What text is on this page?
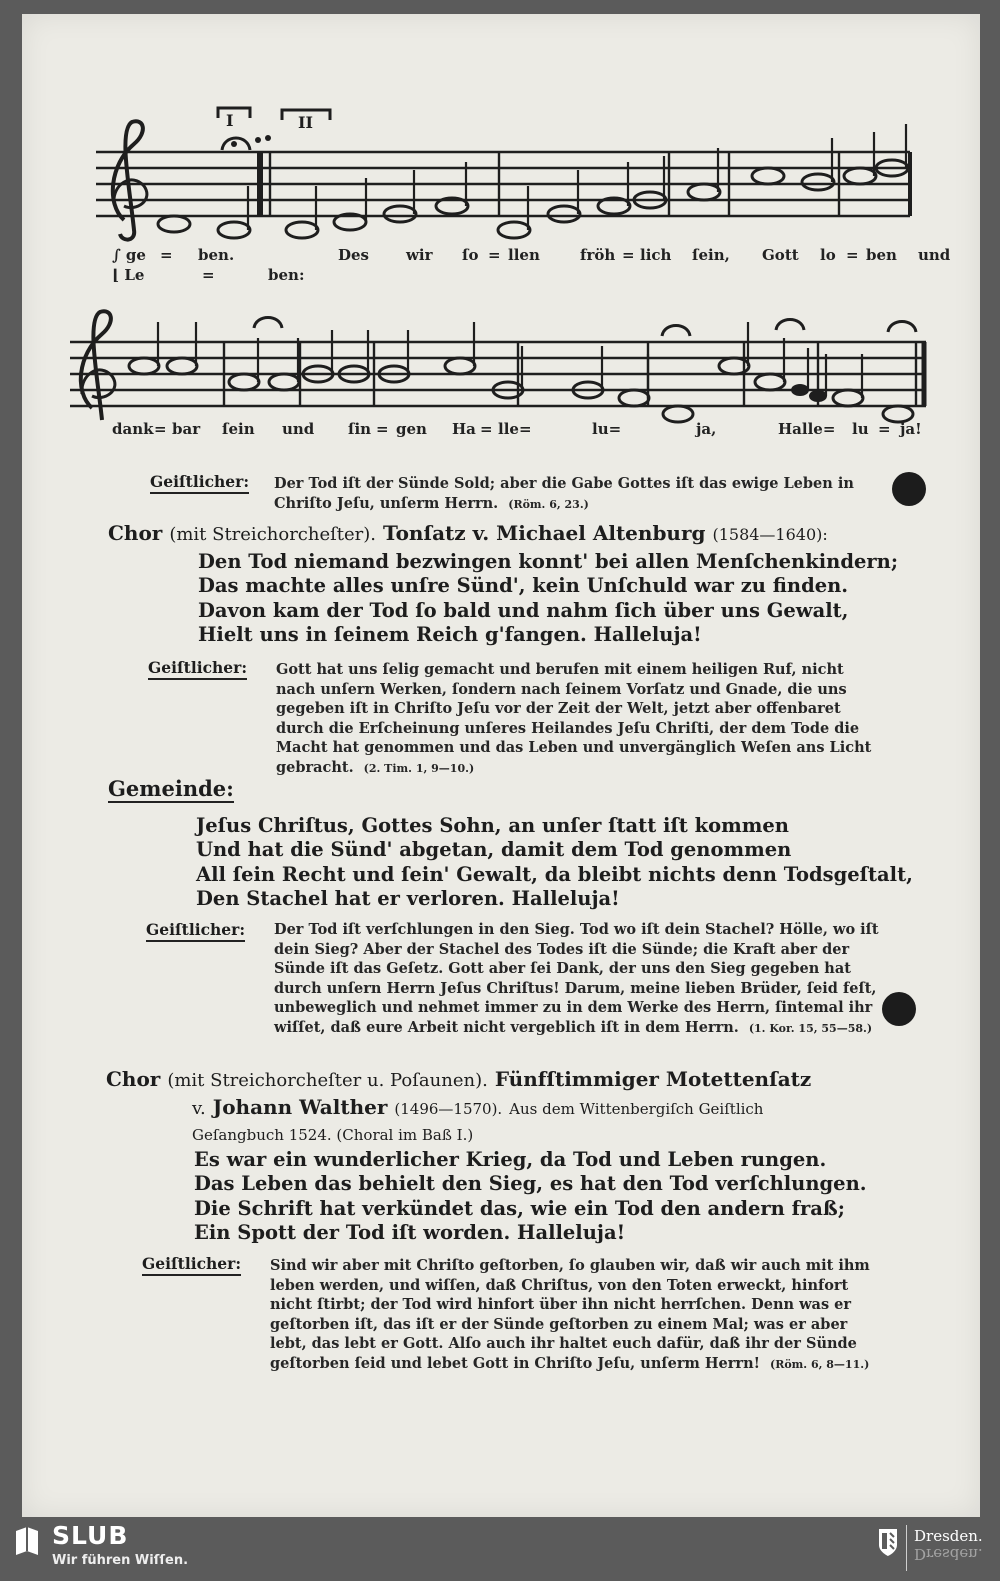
I	II
∫ ge = ben.	Des wir ſo = llen	fröh = lich ſein, Gott lo = ben und
⌊ Le	=	ben:
dank = bar ſein und ſin = gen Ha = lle=	lu=	ja,	Halle= lu = ja!
Geiſtlicher: Der Tod iſt der Sünde Sold; aber die Gabe Gottes iſt das ewige Leben in Chriſto Jeſu, unſerm Herrn. (Röm. 6, 23.)
Chor (mit Streichorcheſter). Tonſatz v. Michael Altenburg (1584—1640):
Den Tod niemand bezwingen konnt' bei allen Menſchenkindern;
Das machte alles unſre Sünd', kein Unſchuld war zu finden.
Davon kam der Tod ſo bald und nahm ſich über uns Gewalt,
Hielt uns in ſeinem Reich g'fangen. Halleluja!
Geiſtlicher: Gott hat uns ſelig gemacht und berufen mit einem heiligen Ruf, nicht nach unſern Werken, ſondern nach ſeinem Vorſatz und Gnade, die uns gegeben iſt in Chriſto Jeſu vor der Zeit der Welt, jetzt aber offenbaret durch die Erſcheinung unſeres Heilandes Jeſu Chriſti, der dem Tode die Macht hat genommen und das Leben und unvergänglich Weſen ans Licht gebracht. (2. Tim. 1, 9—10.)
Gemeinde:
Jeſus Chriſtus, Gottes Sohn, an unſer ſtatt iſt kommen
Und hat die Sünd' abgetan, damit dem Tod genommen
All ſein Recht und ſein' Gewalt, da bleibt nichts denn Todsgeſtalt,
Den Stachel hat er verloren. Halleluja!
Geiſtlicher: Der Tod iſt verſchlungen in den Sieg. Tod wo iſt dein Stachel? Hölle, wo iſt dein Sieg? Aber der Stachel des Todes iſt die Sünde; die Kraft aber der Sünde iſt das Geſetz. Gott aber ſei Dank, der uns den Sieg gegeben hat durch unſern Herrn Jeſus Chriſtus! Darum, meine lieben Brüder, ſeid feſt, unbeweglich und nehmet immer zu in dem Werke des Herrn, ſintemal ihr wiſſet, daß eure Arbeit nicht vergeblich iſt in dem Herrn. (1. Kor. 15, 55—58.)
Chor (mit Streichorcheſter u. Poſaunen). Fünfſtimmiger Motettenſatz
v. Johann Walther (1496—1570). Aus dem Wittenbergiſch Geiſtlich
Geſangbuch 1524. (Choral im Baß I.)
Es war ein wunderlicher Krieg, da Tod und Leben rungen.
Das Leben das behielt den Sieg, es hat den Tod verſchlungen.
Die Schrift hat verkündet das, wie ein Tod den andern fraß;
Ein Spott der Tod iſt worden. Halleluja!
Geiſtlicher: Sind wir aber mit Chriſto geſtorben, ſo glauben wir, daß wir auch mit ihm leben werden, und wiſſen, daß Chriſtus, von den Toten erweckt, hinfort nicht ſtirbt; der Tod wird hinfort über ihn nicht herrſchen. Denn was er geſtorben iſt, das iſt er der Sünde geſtorben zu einem Mal; was er aber lebt, das lebt er Gott. Alſo auch ihr haltet euch dafür, daß ihr der Sünde geſtorben ſeid und lebet Gott in Chriſto Jeſu, unſerm Herrn! (Röm. 6, 8—11.)
SLUB
Wir führen Wiſſen.
Dresden.
Dresden.
